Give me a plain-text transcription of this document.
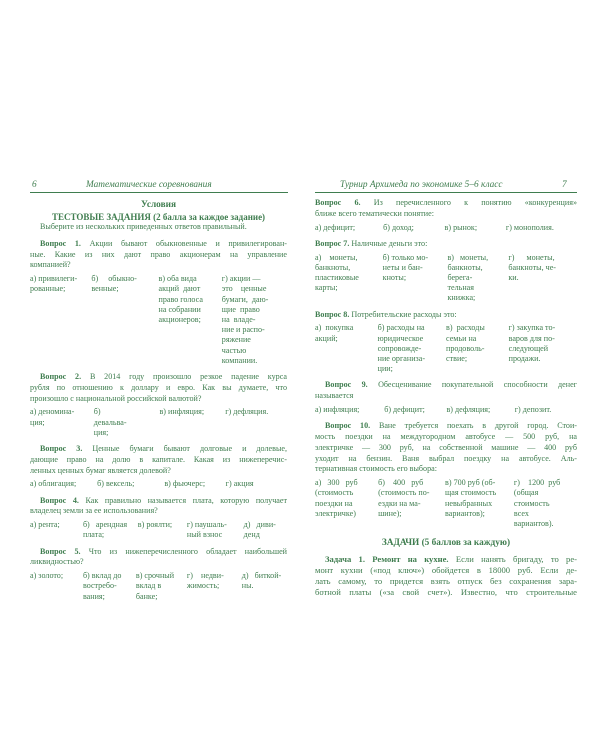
6	Математические соревнования	Турнир Архимеда по экономике 5–6 класс	7
Условия
ТЕСТОВЫЕ ЗАДАНИЯ (2 балла за каждое задание)
Выберите из нескольких приведенных ответов правильный.
Вопрос 1. Акции бывают обыкновенные и привилегирован-
ные. Какие из них дают право акционерам на управление
компанией?
а) привилеги-
рованные;
б)     обыкно-
венные;
в) оба вида
акций  дают
право голоса
на собрании
акционеров;
г) акции —
это    ценные
бумаги,  даю-
щие  право
на  владе-
ние и распо-
ряжение
частью
компании.
Вопрос 2. В 2014 году произошло резкое падение курса
рубля по отношению к доллару и евро. Как вы думаете, что
произошло с национальной российской валютой?
а) деномина-
ция;
б)
девальва-
ция;
в) инфляция;	г) дефляция.
Вопрос 3. Ценные бумаги бывают долговые и долевые,
дающие право на долю в капитале. Какая из нижеперечис-
ленных ценных бумаг является долевой?
а) облигация;	б) вексель;	в) фьючерс;	г) акция
Вопрос 4. Как правильно называется плата, которую получает
владелец земли за ее использования?
а) рента;	б)   арендная
плата;
в) роялти;	г) паушаль-
ный взнос
д)   диви-
денд
Вопрос 5. Что из нижеперечисленного обладает наибольшей
ликвидностью?
а) золото;	б) вклад до
востребо-
вания;
в) срочный
вклад в
банке;
г)    недви-
жимость;
д)   биткой-
ны.
Вопрос 6. Из перечисленного к понятию «конкуренция»
ближе всего тематически понятие:
а) дефицит;	б) доход;	в) рынок;	г) монополия.
Вопрос 7. Наличные деньги это:
а)    монеты,
банкноты,
пластиковые
карты;
б) только мо-
неты и бан-
кноты;
в)   монеты,
банкноты,
берега-
тельная
книжка;
г)      монеты,
банкноты, че-
ки.
Вопрос 8. Потребительские расходы это:
а)  покупка
акций;
б) расходы на
юридическое
сопровожде-
ние организа-
ции;
в)  расходы
семьи на
продоволь-
ствие;
г) закупка то-
варов для по-
следующей
продажи.
Вопрос 9. Обесценивание покупательной способности денег
называется
а) инфляция;	б) дефицит;	в) дефляция;	г) депозит.
Вопрос 10. Ване требуется поехать в другой город. Стои-
мость поездки на междугородном автобусе — 500 руб, на
электричке — 300 руб, на собственной машине — 400 руб
уходит на бензин. Ваня выбрал поездку на автобусе. Аль-
тернативная стоимость его выбора:
а)   300   руб
(стоимость
поездки на
электричке)
б)    400   руб
(стоимость по-
ездки на ма-
шине);
в) 700 руб (об-
щая стоимость
невыбранных
вариантов);
г)    1200  руб
(общая
стоимость
всех
вариантов).
ЗАДАЧИ (5 баллов за каждую)
Задача 1. Ремонт на кухне. Если нанять бригаду, то ре-
монт кухни («под ключ») обойдется в 18000 руб. Если де-
лать самому, то придется взять отпуск без сохранения зара-
ботной платы («за свой счет»). Известно, что строительные
